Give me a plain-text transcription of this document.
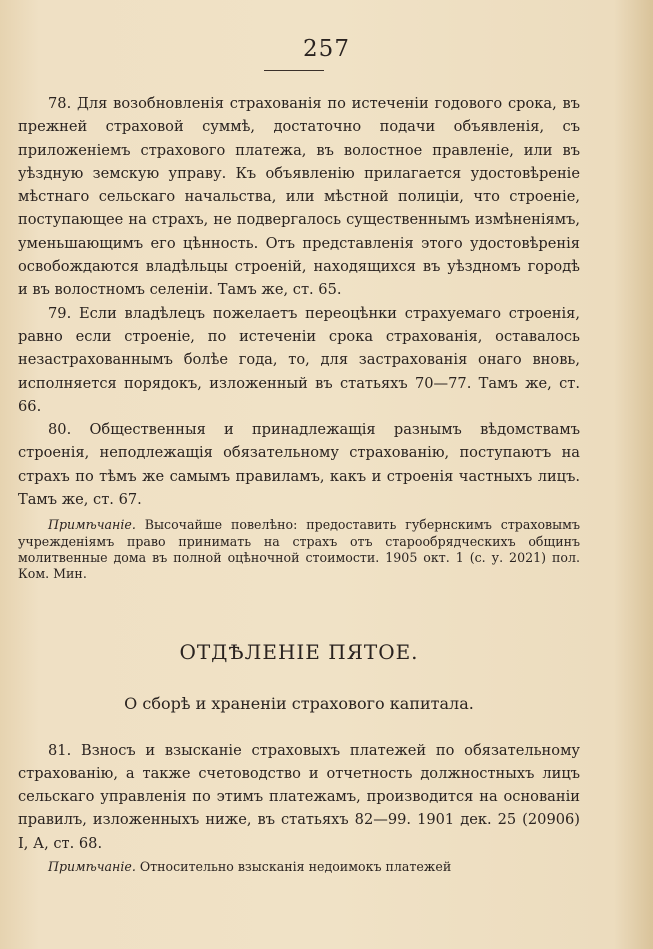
257

78. Для возобновленія страхованія по истеченіи годового срока, въ прежней страховой суммѣ, достаточно подачи объявленія, съ приложеніемъ страхового платежа, въ волостное правленіе, или въ уѣздную земскую управу. Къ объявленію прилагается удостовѣреніе мѣстнаго сельскаго начальства, или мѣстной полиціи, что строеніе, поступающее на страхъ, не подвергалось существеннымъ измѣненіямъ, уменьшающимъ его цѣнность. Отъ представленія этого удостовѣренія освобождаются владѣльцы строеній, находящихся въ уѣздномъ городѣ и въ волостномъ селеніи. Тамъ же, ст. 65.

79. Если владѣлецъ пожелаетъ переоцѣнки страхуемаго строенія, равно если строеніе, по истеченіи срока страхованія, оставалось незастрахованнымъ болѣе года, то, для застрахованія онаго вновь, исполняется порядокъ, изложенный въ статьяхъ 70—77. Тамъ же, ст. 66.

80. Общественныя и принадлежащія разнымъ вѣдомствамъ строенія, неподлежащія обязательному страхованію, поступаютъ на страхъ по тѣмъ же самымъ правиламъ, какъ и строенія частныхъ лицъ. Тамъ же, ст. 67.

Примѣчаніе. Высочайше повелѣно: предоставить губернскимъ страховымъ учрежденіямъ право принимать на страхъ отъ старообрядческихъ общинъ молитвенные дома въ полной оцѣночной стоимости. 1905 окт. 1 (с. у. 2021) пол. Ком. Мин.

ОТДѢЛЕНІЕ ПЯТОЕ.
О сборѣ и храненіи страхового капитала.

81. Взносъ и взысканіе страховыхъ платежей по обязательному страхованію, а также счетоводство и отчетность должностныхъ лицъ сельскаго управленія по этимъ платежамъ, производится на основаніи правилъ, изложенныхъ ниже, въ статьяхъ 82—99. 1901 дек. 25 (20906) I, А, ст. 68.

Примѣчаніе. Относительно взысканія недоимокъ платежей
